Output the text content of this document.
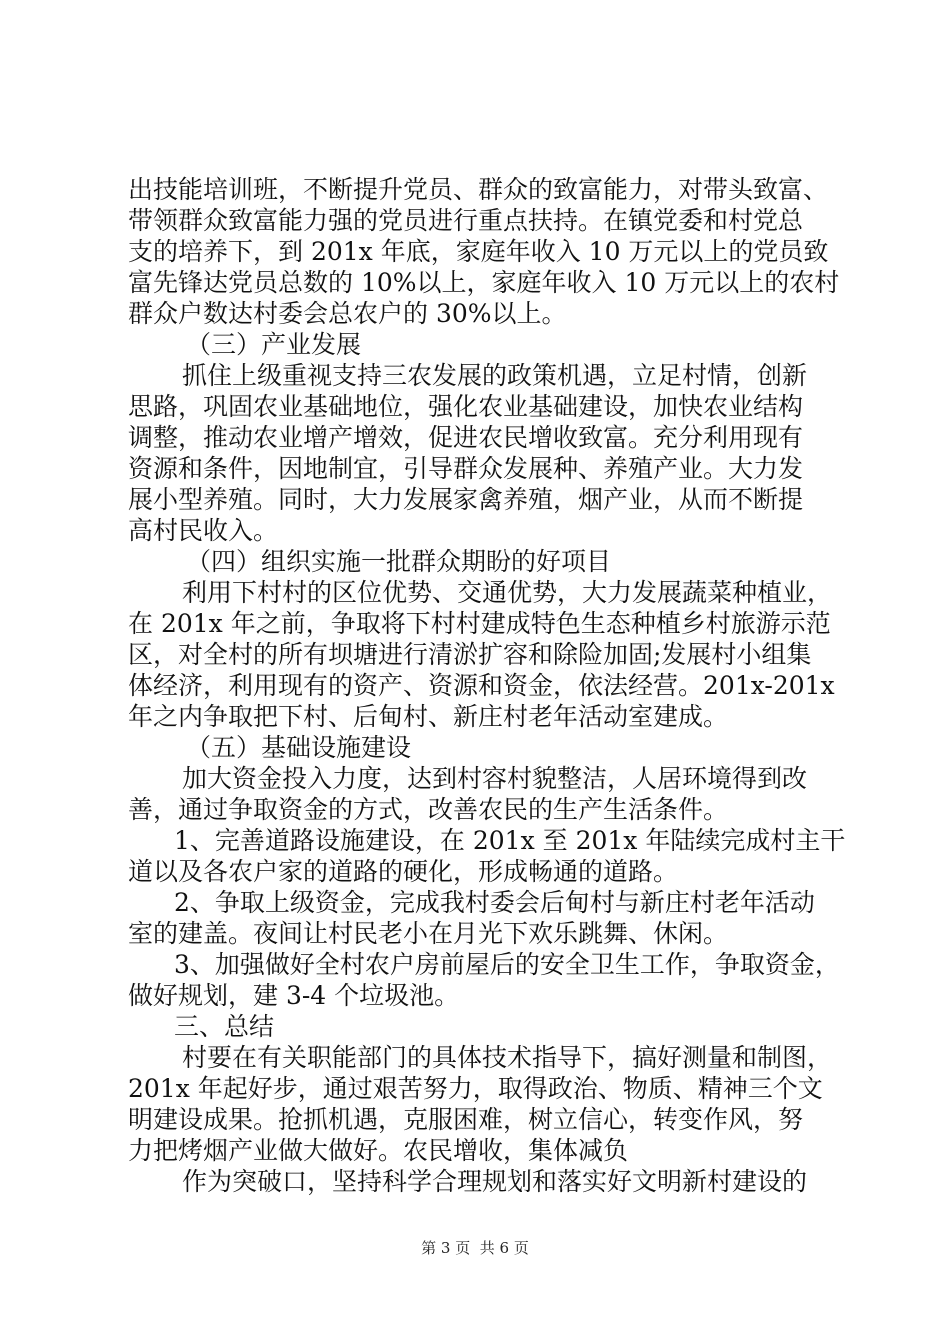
出技能培训班，不断提升党员、群众的致富能力，对带头致富、
带领群众致富能力强的党员进行重点扶持。在镇党委和村党总
支的培养下，到 201x 年底，家庭年收入 10 万元以上的党员致
富先锋达党员总数的 10%以上，家庭年收入 10 万元以上的农村
群众户数达村委会总农户的 30%以上。
（三）产业发展
抓住上级重视支持三农发展的政策机遇，立足村情，创新
思路，巩固农业基础地位，强化农业基础建设，加快农业结构
调整，推动农业增产增效，促进农民增收致富。充分利用现有
资源和条件，因地制宜，引导群众发展种、养殖产业。大力发
展小型养殖。同时，大力发展家禽养殖，烟产业，从而不断提
高村民收入。
（四）组织实施一批群众期盼的好项目
利用下村村的区位优势、交通优势，大力发展蔬菜种植业，
在 201x 年之前，争取将下村村建成特色生态种植乡村旅游示范
区，对全村的所有坝塘进行清淤扩容和除险加固;发展村小组集
体经济，利用现有的资产、资源和资金，依法经营。201x-201x
年之内争取把下村、后甸村、新庄村老年活动室建成。
（五）基础设施建设
加大资金投入力度，达到村容村貌整洁，人居环境得到改
善，通过争取资金的方式，改善农民的生产生活条件。
1、完善道路设施建设，在 201x 至 201x 年陆续完成村主干
道以及各农户家的道路的硬化，形成畅通的道路。
2、争取上级资金，完成我村委会后甸村与新庄村老年活动
室的建盖。夜间让村民老小在月光下欢乐跳舞、休闲。
3、加强做好全村农户房前屋后的安全卫生工作，争取资金，
做好规划，建 3-4 个垃圾池。
三、总结
村要在有关职能部门的具体技术指导下，搞好测量和制图，
201x 年起好步，通过艰苦努力，取得政治、物质、精神三个文
明建设成果。抢抓机遇，克服困难，树立信心，转变作风，努
力把烤烟产业做大做好。农民增收，集体减负
作为突破口，坚持科学合理规划和落实好文明新村建设的
第 3 页  共 6 页
